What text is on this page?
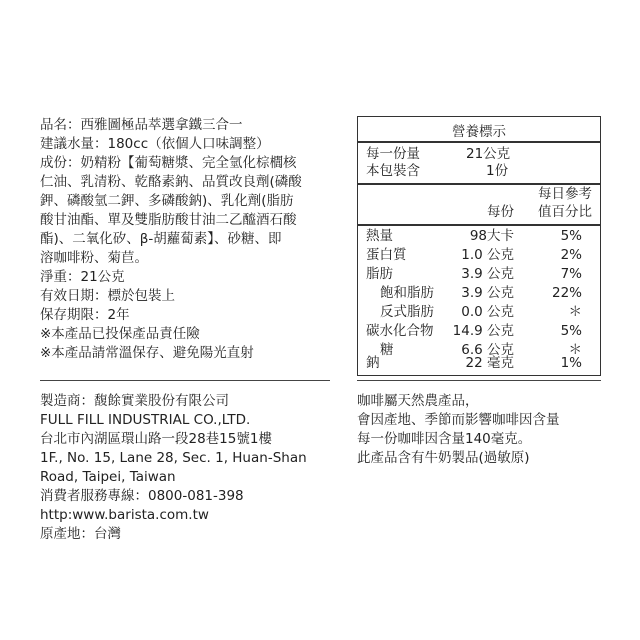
品名：西雅圖極品萃選拿鐵三合一
建議水量：180cc（依個人口味調整）
成份：奶精粉【葡萄糖漿、完全氫化棕櫚核
仁油、乳清粉、乾酪素鈉、品質改良劑(磷酸
鉀、磷酸氫二鉀、多磷酸鈉)、乳化劑(脂肪
酸甘油酯、單及雙脂肪酸甘油二乙醯酒石酸
酯)、二氧化矽、β-胡蘿蔔素】、砂糖、即
溶咖啡粉、菊苣。
淨重：21公克
有效日期：標於包裝上
保存期限：2年
※本產品已投保產品責任險
※本產品請常溫保存、避免陽光直射
製造商：馥餘實業股份有限公司
FULL FILL INDUSTRIAL CO.,LTD.
台北市內湖區環山路一段28巷15號1樓
1F., No. 15, Lane 28, Sec. 1, Huan-Shan
Road, Taipei, Taiwan
消費者服務專線：0800-081-398
http:www.barista.com.tw
原產地：台灣
咖啡屬天然農產品，
會因產地、季節而影響咖啡因含量
每一份咖啡因含量140毫克。
此產品含有牛奶製品(過敏原)
營養標示
每一份量	21公克
本包裝含	1份
每日參考
值百分比
每份
熱量	98大卡	5%
蛋白質	1.0 公克	2%
脂肪	3.9 公克	7%
飽和脂肪 3.9 公克	22%
反式脂肪 0.0 公克	＊
碳水化合物 14.9 公克	5%
糖	6.6 公克	＊
鈉	22 毫克	1%
